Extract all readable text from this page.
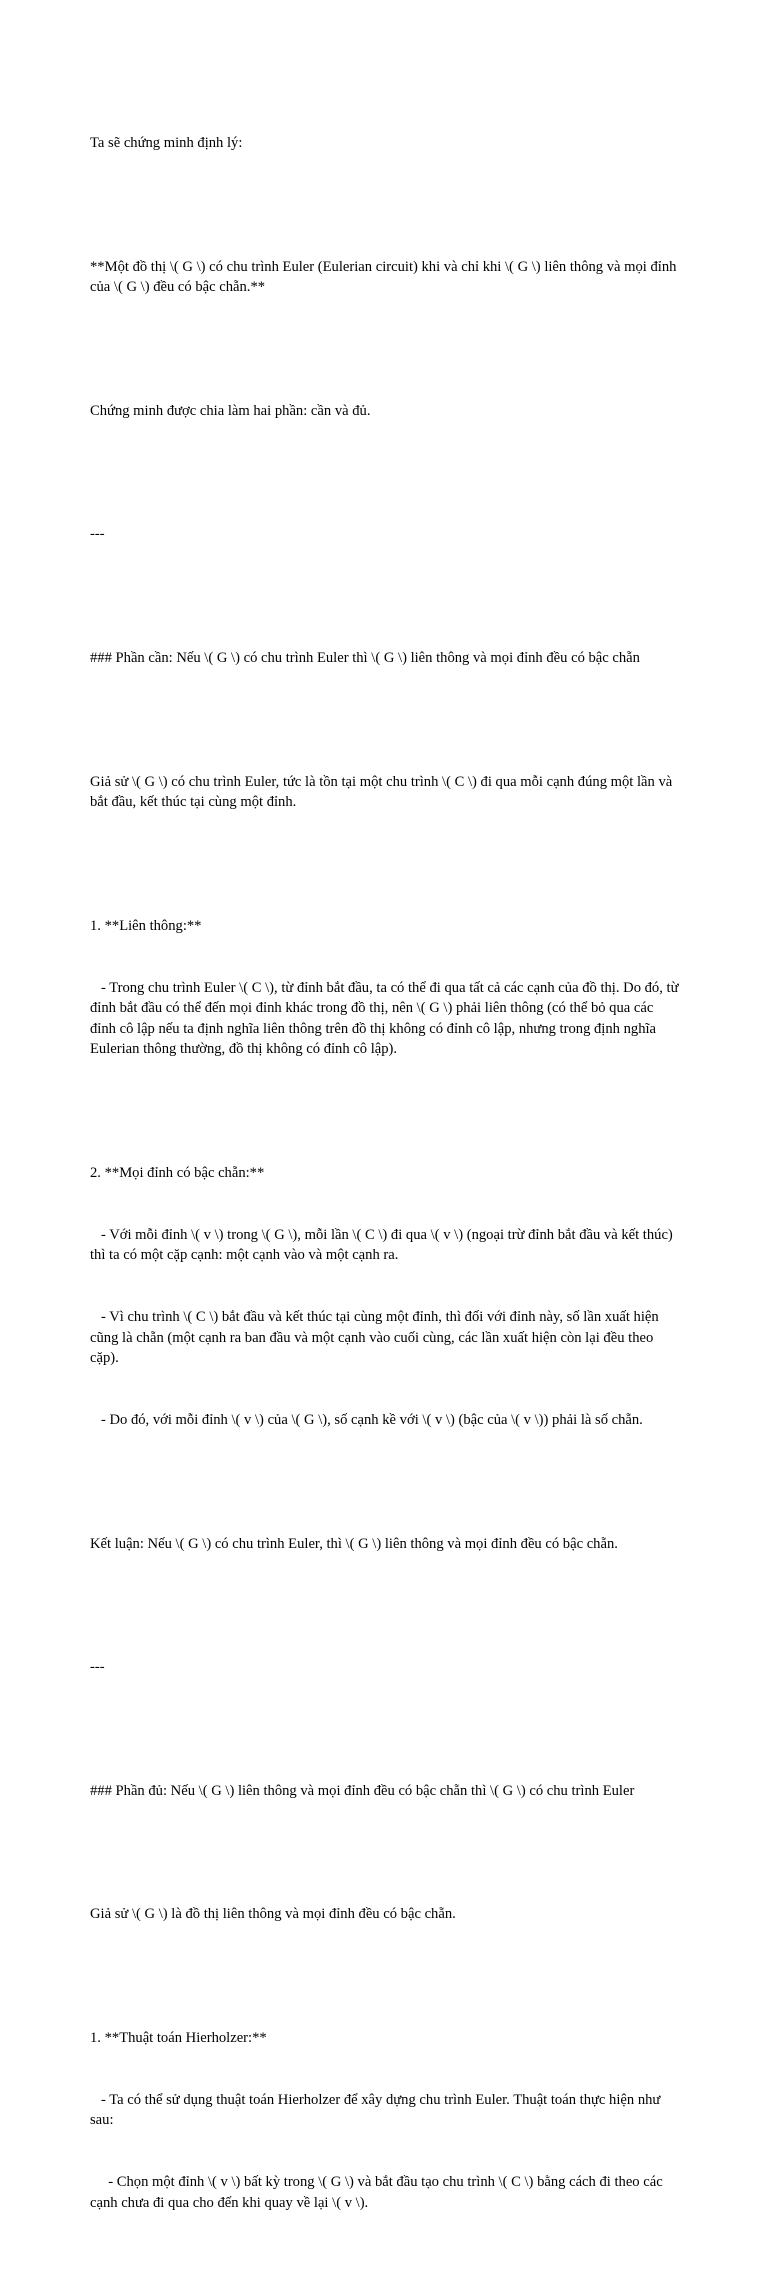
Ta sẽ chứng minh định lý:

**Một đồ thị \( G \) có chu trình Euler (Eulerian circuit) khi và chỉ khi \( G \) liên thông và mọi đỉnh của \( G \) đều có bậc chẵn.**

Chứng minh được chia làm hai phần: cần và đủ.

---

### Phần cần: Nếu \( G \) có chu trình Euler thì \( G \) liên thông và mọi đỉnh đều có bậc chẵn

Giả sử \( G \) có chu trình Euler, tức là tồn tại một chu trình \( C \) đi qua mỗi cạnh đúng một lần và bắt đầu, kết thúc tại cùng một đỉnh.

1. **Liên thông:**

- Trong chu trình Euler \( C \), từ đỉnh bắt đầu, ta có thể đi qua tất cả các cạnh của đồ thị. Do đó, từ đỉnh bắt đầu có thể đến mọi đỉnh khác trong đồ thị, nên \( G \) phải liên thông (có thể bỏ qua các đỉnh cô lập nếu ta định nghĩa liên thông trên đồ thị không có đỉnh cô lập, nhưng trong định nghĩa Eulerian thông thường, đồ thị không có đỉnh cô lập).

2. **Mọi đỉnh có bậc chẵn:**

- Với mỗi đỉnh \( v \) trong \( G \), mỗi lần \( C \) đi qua \( v \) (ngoại trừ đỉnh bắt đầu và kết thúc) thì ta có một cặp cạnh: một cạnh vào và một cạnh ra.

- Vì chu trình \( C \) bắt đầu và kết thúc tại cùng một đỉnh, thì đối với đỉnh này, số lần xuất hiện cũng là chẵn (một cạnh ra ban đầu và một cạnh vào cuối cùng, các lần xuất hiện còn lại đều theo cặp).

- Do đó, với mỗi đỉnh \( v \) của \( G \), số cạnh kề với \( v \) (bậc của \( v \)) phải là số chẵn.

Kết luận: Nếu \( G \) có chu trình Euler, thì \( G \) liên thông và mọi đỉnh đều có bậc chẵn.

---

### Phần đủ: Nếu \( G \) liên thông và mọi đỉnh đều có bậc chẵn thì \( G \) có chu trình Euler

Giả sử \( G \) là đồ thị liên thông và mọi đỉnh đều có bậc chẵn.

1. **Thuật toán Hierholzer:**

- Ta có thể sử dụng thuật toán Hierholzer để xây dựng chu trình Euler. Thuật toán thực hiện như sau:

- Chọn một đỉnh \( v \) bất kỳ trong \( G \) và bắt đầu tạo chu trình \( C \) bằng cách đi theo các cạnh chưa đi qua cho đến khi quay về lại \( v \).
